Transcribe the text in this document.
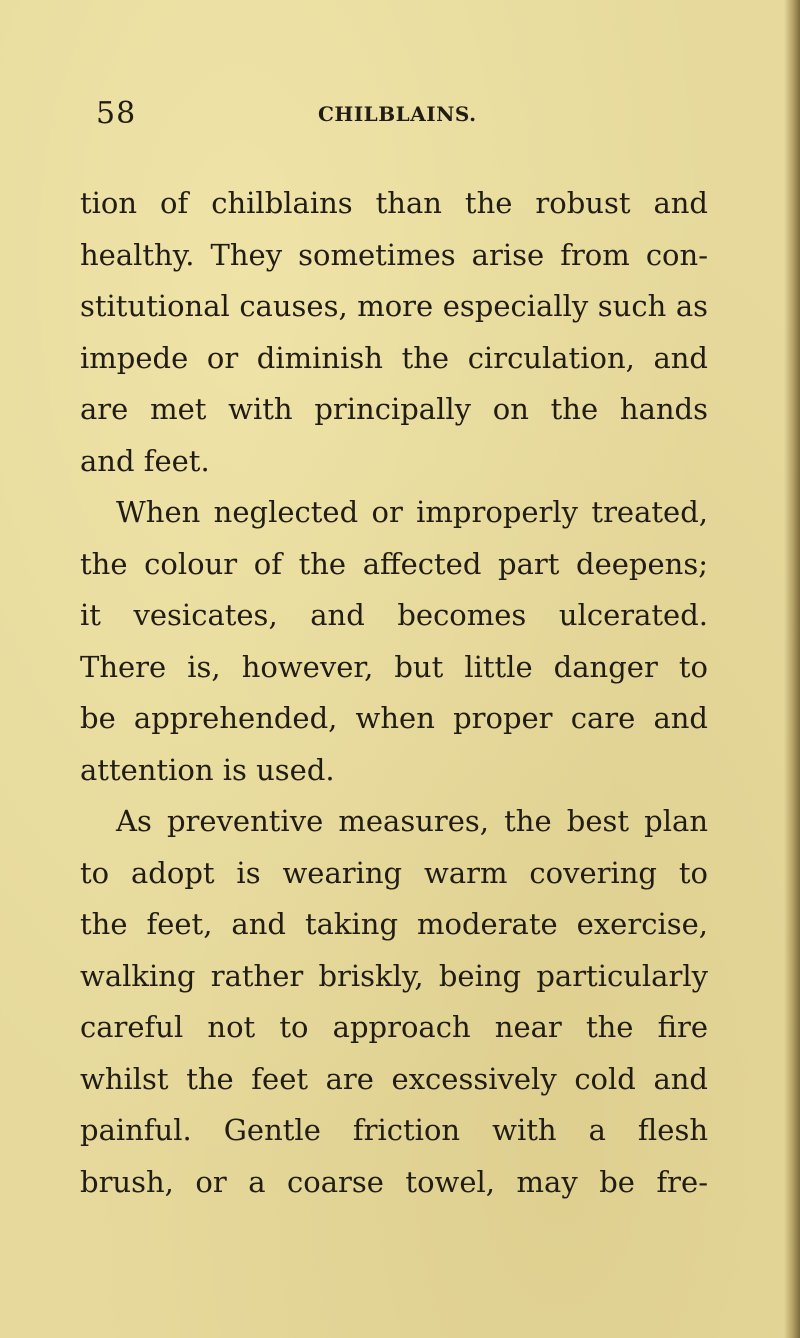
58	CHILBLAINS.
tion of chilblains than the robust and
healthy. They sometimes arise from con-
stitutional causes, more especially such as
impede or diminish the circulation, and
are met with principally on the hands
and feet.
When neglected or improperly treated,
the colour of the affected part deepens;
it vesicates, and becomes ulcerated.
There is, however, but little danger to
be apprehended, when proper care and
attention is used.
As preventive measures, the best plan
to adopt is wearing warm covering to
the feet, and taking moderate exercise,
walking rather briskly, being particularly
careful not to approach near the fire
whilst the feet are excessively cold and
painful. Gentle friction with a flesh
brush, or a coarse towel, may be fre-
